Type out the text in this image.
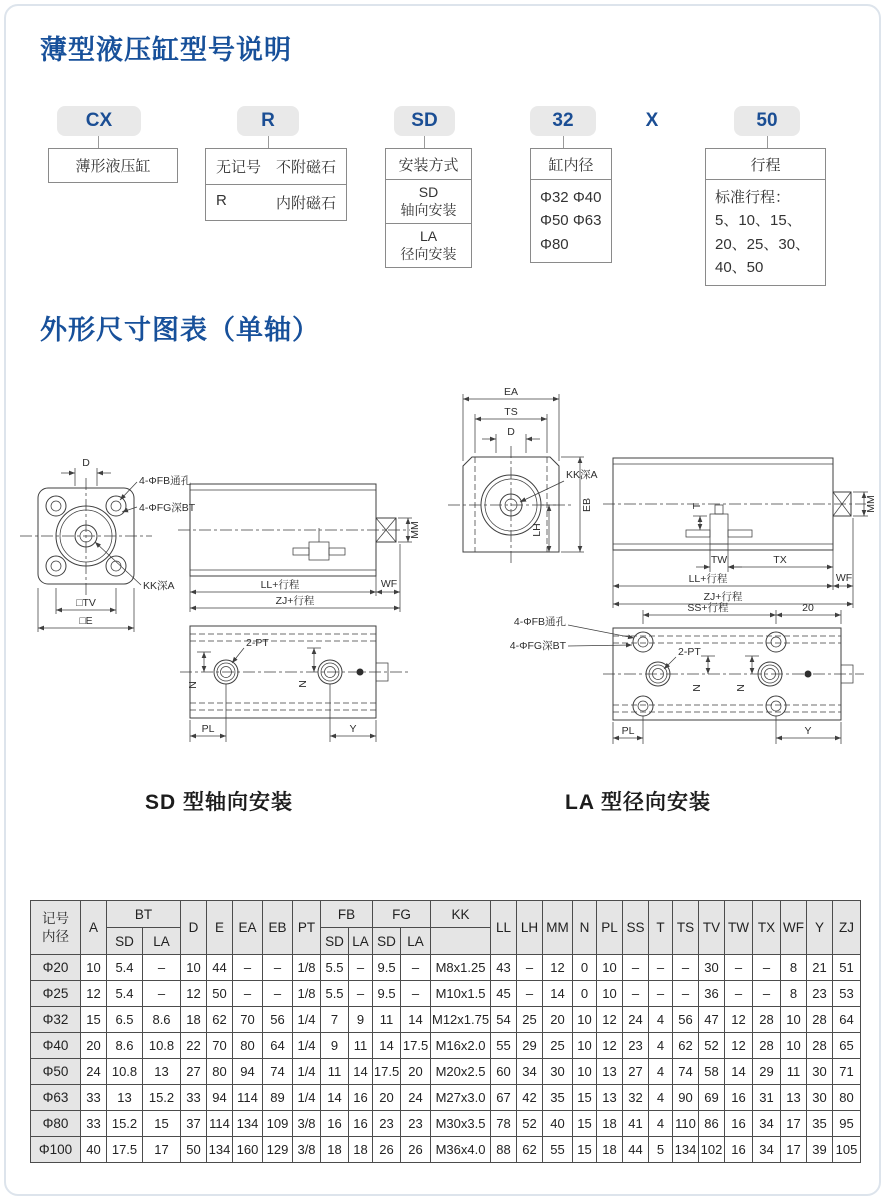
薄型液压缸型号说明
CX	R	SD	32	X	50
薄形液压缸	无记号 不附磁石
R	内附磁石
安装方式
SD
轴向安装
LA
径向安装
缸内径
Φ32 Φ40
Φ50 Φ63
Φ80
行程
标准行程：
5、10、15、
20、25、30、
40、50
外形尺寸图表（单轴）
D
4-ΦFB通孔
4-ΦFG深BT
KK深A
□TV
□E
MM
LL+行程	WF
ZJ+行程
2-PT
N	N
PL	Y
EA
TS
D
KK深A
EB
LH
MM
T
TW	TX
LL+行程	WF
ZJ+行程
SS+行程	20
4-ΦFB通孔
4-ΦFG深BT	2-PT
N	N
PL	Y
SD 型轴向安装	LA 型径向安装
记号
内径	A	BT		D	E	EA	EB	PT	FB		FG		KK	LL	LH	MM	N	PL	SS	T	TS	TV	TW	TX	WF	Y	ZJ
		SD	LA						SD	LA	SD	LA															
Φ20	10	5.4	–	10	44	–	–	1/8	5.5	–	9.5	–	M8x1.25	43	–	12	0	10	–	–	–	30	–	–	8	21	51
Φ25	12	5.4	–	12	50	–	–	1/8	5.5	–	9.5	–	M10x1.5	45	–	14	0	10	–	–	–	36	–	–	8	23	53
Φ32	15	6.5	8.6	18	62	70	56	1/4	7	9	11	14	M12x1.75	54	25	20	10	12	24	4	56	47	12	28	10	28	64
Φ40	20	8.6	10.8	22	70	80	64	1/4	9	11	14	17.5	M16x2.0	55	29	25	10	12	23	4	62	52	12	28	10	28	65
Φ50	24	10.8	13	27	80	94	74	1/4	11	14	17.5	20	M20x2.5	60	34	30	10	13	27	4	74	58	14	29	11	30	71
Φ63	33	13	15.2	33	94	114	89	1/4	14	16	20	24	M27x3.0	67	42	35	15	13	32	4	90	69	16	31	13	30	80
Φ80	33	15.2	15	37	114	134	109	3/8	16	16	23	23	M30x3.5	78	52	40	15	18	41	4	110	86	16	34	17	35	95
Φ100	40	17.5	17	50	134	160	129	3/8	18	18	26	26	M36x4.0	88	62	55	15	18	44	5	134	102	16	34	17	39	105
